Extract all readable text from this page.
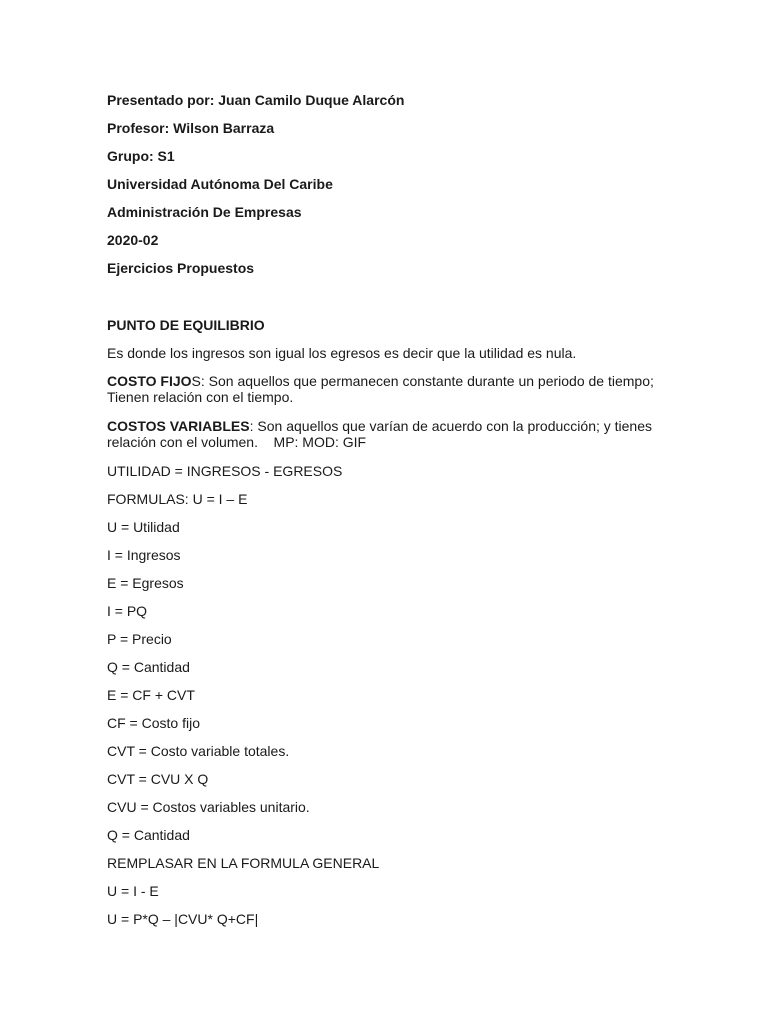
Presentado por: Juan Camilo Duque Alarcón

Profesor: Wilson Barraza

Grupo: S1

Universidad Autónoma Del Caribe

Administración De Empresas

2020-02

Ejercicios Propuestos

PUNTO DE EQUILIBRIO

Es donde los ingresos son igual los egresos es decir que la utilidad es nula.

COSTO FIJOS: Son aquellos que permanecen constante durante un periodo de tiempo; Tienen relación con el tiempo.

COSTOS VARIABLES: Son aquellos que varían de acuerdo con la producción; y tienes relación con el volumen.    MP: MOD: GIF

UTILIDAD = INGRESOS - EGRESOS

FORMULAS: U = I – E

U = Utilidad

I = Ingresos

E = Egresos

I = PQ

P = Precio

Q = Cantidad

E = CF + CVT

CF = Costo fijo

CVT = Costo variable totales.

CVT = CVU X Q

CVU = Costos variables unitario.

Q = Cantidad

REMPLASAR EN LA FORMULA GENERAL

U = I - E

U = P*Q – |CVU* Q+CF|
